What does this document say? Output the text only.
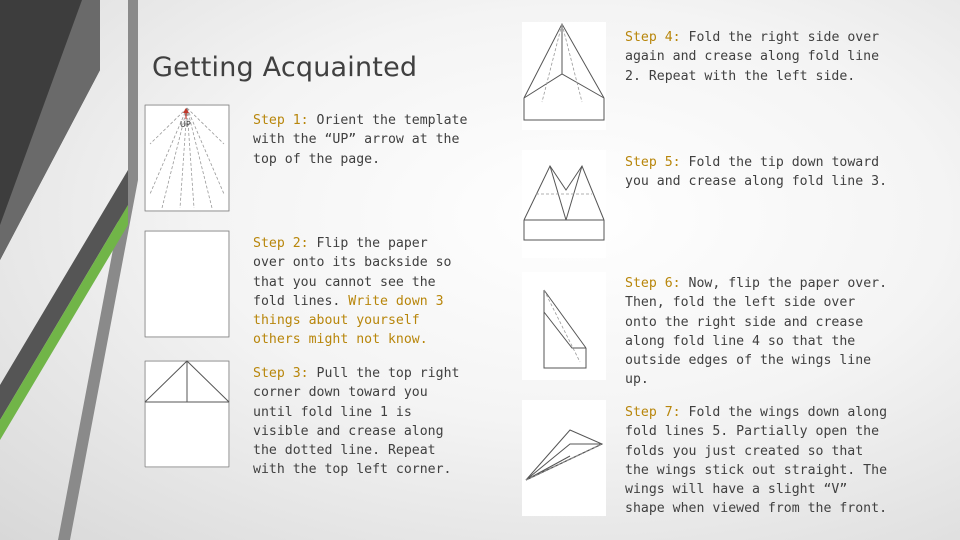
Getting Acquainted
UP	Step 1: Orient the template with the “UP” arrow at the top of the page.

Step 2: Flip the paper over onto its backside so that you cannot see the fold lines. Write down 3 things about yourself others might not know.

Step 3: Pull the top right corner down toward you until fold line 1 is visible and crease along the dotted line. Repeat with the top left corner.

Step 4: Fold the right side over again and crease along fold line 2. Repeat with the left side.

Step 5: Fold the tip down toward you and crease along fold line 3.

Step 6: Now, flip the paper over. Then, fold the left side over onto the right side and crease along fold line 4 so that the outside edges of the wings line up.

Step 7: Fold the wings down along fold lines 5. Partially open the folds you just created so that the wings stick out straight. The wings will have a slight “V” shape when viewed from the front.
